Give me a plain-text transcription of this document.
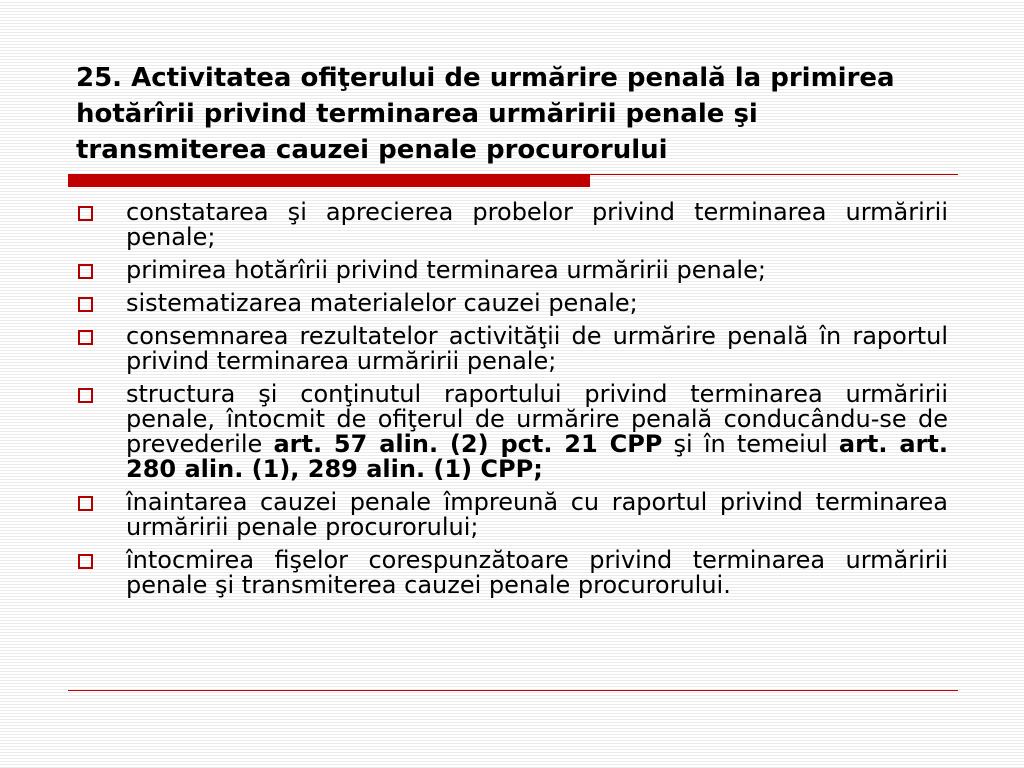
25. Activitatea ofiţerului de urmărire penală la primirea hotărîrii privind terminarea urmăririi penale şi transmiterea cauzei penale procurorului
constatarea şi aprecierea probelor privind terminarea urmăririi penale;
primirea hotărîrii privind terminarea urmăririi penale;
sistematizarea materialelor cauzei penale;
consemnarea rezultatelor activităţii de urmărire penală în raportul privind terminarea urmăririi penale;
structura şi conţinutul raportului privind terminarea urmăririi penale, întocmit de ofiţerul de urmărire penală conducându-se de prevederile art. 57 alin. (2) pct. 21 CPP şi în temeiul art. art. 280 alin. (1), 289 alin. (1) CPP;
înaintarea cauzei penale împreună cu raportul privind terminarea urmăririi penale procurorului;
întocmirea fişelor corespunzătoare privind terminarea urmăririi penale şi transmiterea cauzei penale procurorului.
